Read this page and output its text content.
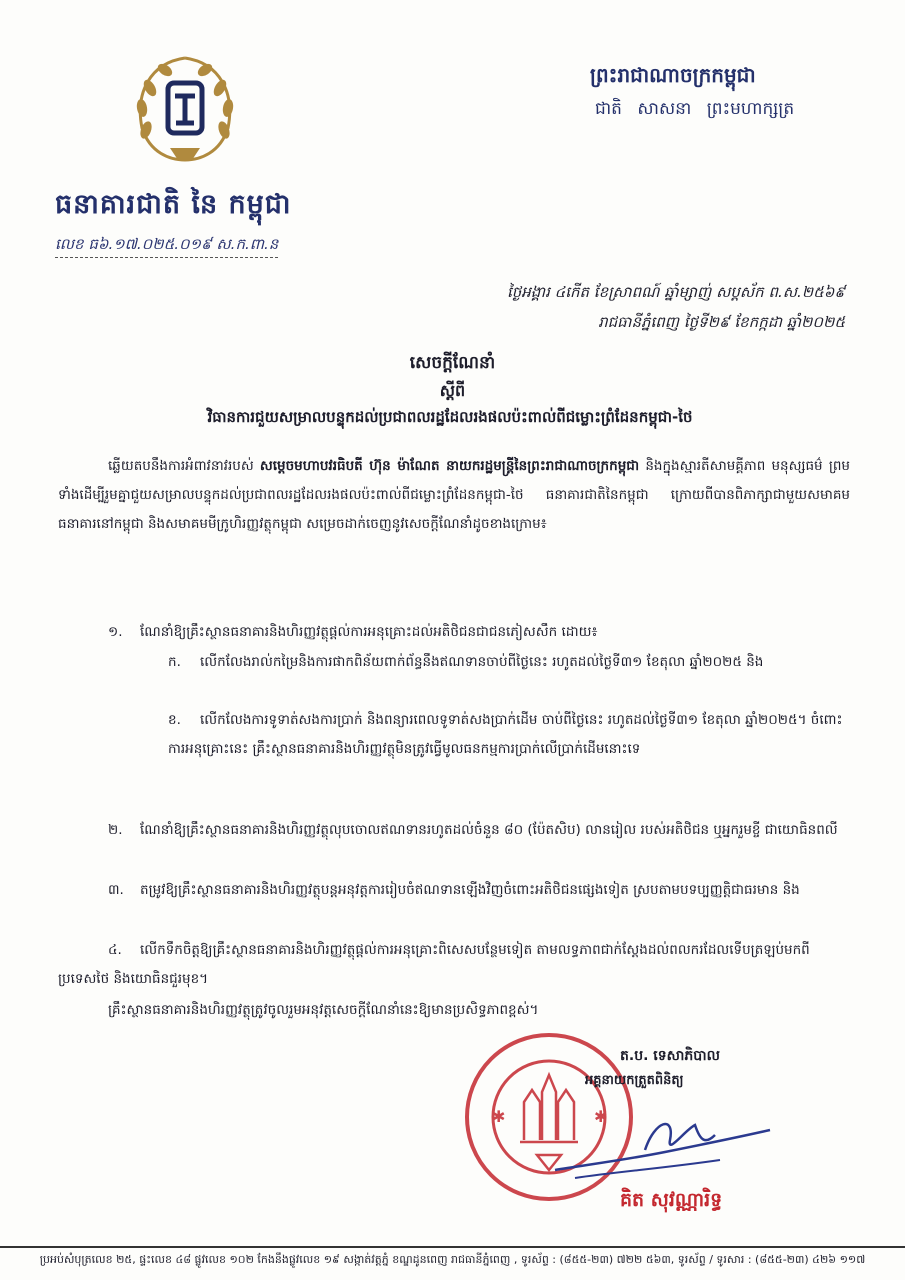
ធនាគារជាតិ នៃ កម្ពុជា
លេខ ធ៦.១៧.០២៥.០១៩ ស.ក.ពា.ន
ព្រះរាជាណាចក្រកម្ពុជា
ជាតិ សាសនា ព្រះមហាក្សត្រ
ថ្ងៃអង្គារ ៤កើត ខែស្រាពណ៍ ឆ្នាំម្សាញ់ សប្តស័ក ព.ស.២៥៦៩
រាជធានីភ្នំពេញ ថ្ងៃទី២៩ ខែកក្កដា ឆ្នាំ២០២៥
សេចក្តីណែនាំ
ស្តីពី
វិធានការជួយសម្រាលបន្ទុកដល់ប្រជាពលរដ្ឋដែលរងផលប៉ះពាល់ពីជម្លោះព្រំដែនកម្ពុជា-ថៃ
ឆ្លើយតបនឹងការអំពាវនាវរបស់ សម្តេចមហាបវរធិបតី ហ៊ុន ម៉ាណែត នាយករដ្ឋមន្ត្រីនៃព្រះរាជាណាចក្រកម្ពុជា និងក្នុងស្មារតីសាមគ្គីភាព មនុស្សធម៌ ព្រមទាំងដើម្បីរួមគ្នាជួយសម្រាលបន្ទុកដល់ប្រជាពលរដ្ឋដែលរងផលប៉ះពាល់ពីជម្លោះព្រំដែនកម្ពុជា-ថៃ ធនាគារជាតិនៃកម្ពុជា ក្រោយពីបានពិភាក្សាជាមួយសមាគមធនាគារនៅកម្ពុជា និងសមាគមមីក្រូហិរញ្ញវត្ថុកម្ពុជា សម្រេចដាក់ចេញនូវសេចក្តីណែនាំដូចខាងក្រោម៖
១. ណែនាំឱ្យគ្រឹះស្ថានធនាគារនិងហិរញ្ញវត្ថុផ្តល់ការអនុគ្រោះដល់អតិថិជនជាជនភៀសសឹក ដោយ៖
ក. លើកលែងរាល់កម្រៃនិងការផាកពិន័យពាក់ព័ន្ធនឹងឥណទានចាប់ពីថ្ងៃនេះ រហូតដល់ថ្ងៃទី៣១ ខែតុលា ឆ្នាំ២០២៥ និង
ខ. លើកលែងការទូទាត់សងការប្រាក់ និងពន្យារពេលទូទាត់សងប្រាក់ដើម ចាប់ពីថ្ងៃនេះ រហូតដល់ថ្ងៃទី៣១ ខែតុលា ឆ្នាំ២០២៥។ ចំពោះការអនុគ្រោះនេះ គ្រឹះស្ថានធនាគារនិងហិរញ្ញវត្ថុមិនត្រូវធ្វើមូលធនកម្មការប្រាក់លើប្រាក់ដើមនោះទេ
២. ណែនាំឱ្យគ្រឹះស្ថានធនាគារនិងហិរញ្ញវត្ថុលុបចោលឥណទានរហូតដល់ចំនួន ៨០ (ប៉ែតសិប) លានរៀល របស់អតិថិជន ឬអ្នករួមខ្ចី ជាយោធិនពលី
៣. តម្រូវឱ្យគ្រឹះស្ថានធនាគារនិងហិរញ្ញវត្ថុបន្តអនុវត្តការរៀបចំឥណទានឡើងវិញចំពោះអតិថិជនផ្សេងទៀត ស្របតាមបទប្បញ្ញត្តិជាធរមាន និង
៤. លើកទឹកចិត្តឱ្យគ្រឹះស្ថានធនាគារនិងហិរញ្ញវត្ថុផ្តល់ការអនុគ្រោះពិសេសបន្ថែមទៀត តាមលទ្ធភាពជាក់ស្តែងដល់ពលករដែលទើបត្រឡប់មកពីប្រទេសថៃ និងយោធិនជួរមុខ។
គ្រឹះស្ថានធនាគារនិងហិរញ្ញវត្ថុត្រូវចូលរួមអនុវត្តសេចក្តីណែនាំនេះឱ្យមានប្រសិទ្ធភាពខ្ពស់។
✱	✱
ត.ប. ទេសាភិបាល
អគ្គនាយកត្រួតពិនិត្យ
គិត សុវណ្ណារិទ្ធ
ប្រអប់សំបុត្រលេខ ២៥, ផ្ទះលេខ ៤៨ ផ្លូវលេខ ១០២ កែងនឹងផ្លូវលេខ ១៩ សង្កាត់វត្តភ្នំ ខណ្ឌដូនពេញ រាជធានីភ្នំពេញ , ទូរស័ព្ទ : (៨៥៥-២៣) ៧២២ ៥៦៣, ទូរស័ព្ទ / ទូរសារ : (៨៥៥-២៣) ៤២៦ ១១៧
